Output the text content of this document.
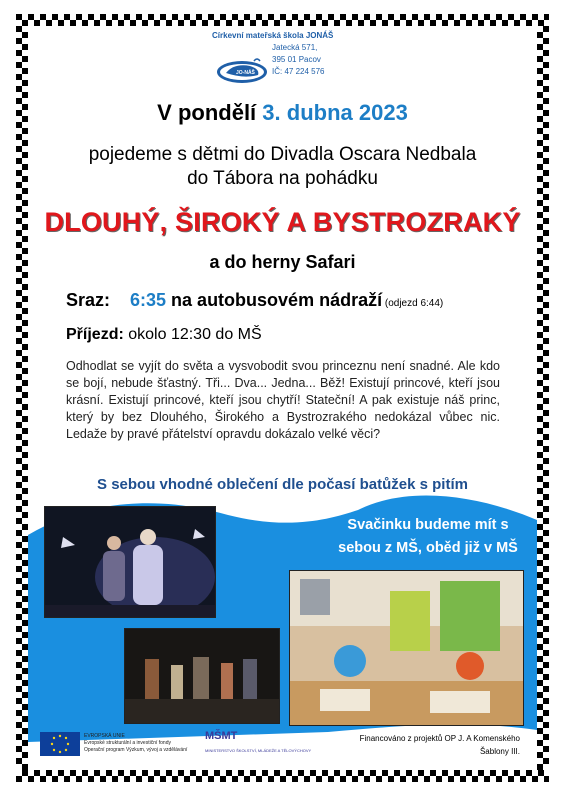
Církevní mateřská škola JONÁŠ
Jatecká 571,
395 01 Pacov
IČ: 47 224 576
JO-NÁŠ
V pondělí 3. dubna 2023
pojedeme s dětmi do Divadla Oscara Nedbala
do Tábora na pohádku
DLOUHÝ, ŠIROKÝ A BYSTROZRAKÝ
a do herny Safari
Sraz: 6:35 na autobusovém nádraží (odjezd 6:44)
Příjezd: okolo 12:30 do MŠ
Odhodlat se vyjít do světa a vysvobodit svou princeznu není snadné. Ale kdo se bojí, nebude šťastný. Tři... Dva... Jedna... Běž! Existují princové, kteří jsou krásní. Existují princové, kteří jsou chytří! Stateční! A pak existuje náš princ, který by bez Dlouhého, Širokého a Bystrozrakého nedokázal vůbec nic. Ledaže by pravé přátelství opravdu dokázalo velké věci?
S sebou vhodné oblečení dle počasí batůžek s pitím
Svačinku budeme mít s
sebou z MŠ, oběd již v MŠ
EVROPSKÁ UNIE
Evropské strukturální a investiční fondy
Operační program Výzkum, vývoj a vzdělávání
MŠMT
MINISTERSTVO ŠKOLSTVÍ, MLÁDEŽE A TĚLOVÝCHOVY
Financováno z projektů OP J. A Komenského
Šablony III.
